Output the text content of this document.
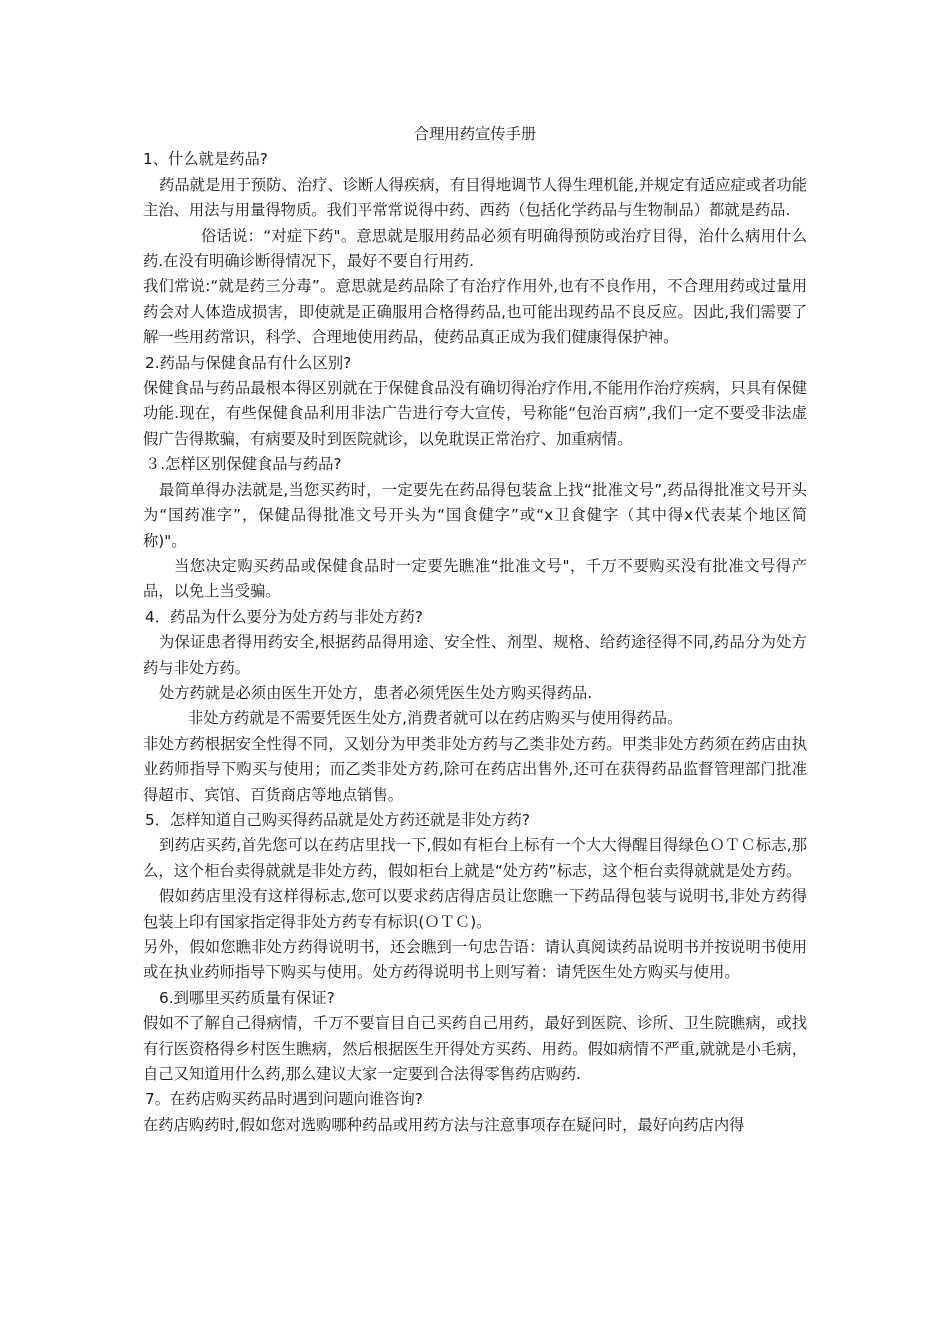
合理用药宣传手册

1、什么就是药品?

药品就是用于预防、治疗、诊断人得疾病，有目得地调节人得生理机能,并规定有适应症或者功能主治、用法与用量得物质。我们平常常说得中药、西药（包括化学药品与生物制品）都就是药品.

俗话说：“对症下药"。意思就是服用药品必须有明确得预防或治疗目得，治什么病用什么药.在没有明确诊断得情况下，最好不要自行用药.

我们常说:“就是药三分毒”。意思就是药品除了有治疗作用外,也有不良作用，不合理用药或过量用药会对人体造成损害，即使就是正确服用合格得药品,也可能出现药品不良反应。因此,我们需要了解一些用药常识，科学、合理地使用药品，使药品真正成为我们健康得保护神。

2.药品与保健食品有什么区别?

保健食品与药品最根本得区别就在于保健食品没有确切得治疗作用,不能用作治疗疾病，只具有保健功能.现在，有些保健食品利用非法广告进行夸大宣传，号称能“包治百病”,我们一定不要受非法虚假广告得欺骗，有病要及时到医院就诊，以免耽误正常治疗、加重病情。

３.怎样区别保健食品与药品?

最简单得办法就是,当您买药时，一定要先在药品得包装盒上找“批准文号”,药品得批准文号开头为“国药准字”，保健品得批准文号开头为“国食健字”或“x卫食健字（其中得x代表某个地区简称)"。

当您决定购买药品或保健食品时一定要先瞧准“批准文号"，千万不要购买没有批准文号得产品，以免上当受骗。

4．药品为什么要分为处方药与非处方药?

为保证患者得用药安全,根据药品得用途、安全性、剂型、规格、给药途径得不同,药品分为处方药与非处方药。

处方药就是必须由医生开处方，患者必须凭医生处方购买得药品.

非处方药就是不需要凭医生处方,消费者就可以在药店购买与使用得药品。

非处方药根据安全性得不同，又划分为甲类非处方药与乙类非处方药。甲类非处方药须在药店由执业药师指导下购买与使用；而乙类非处方药,除可在药店出售外,还可在获得药品监督管理部门批准得超市、宾馆、百货商店等地点销售。

5．怎样知道自己购买得药品就是处方药还就是非处方药?

到药店买药,首先您可以在药店里找一下,假如有柜台上标有一个大大得醒目得绿色ＯＴＣ标志,那么，这个柜台卖得就就是非处方药，假如柜台上就是“处方药”标志，这个柜台卖得就就是处方药。

假如药店里没有这样得标志,您可以要求药店得店员让您瞧一下药品得包装与说明书,非处方药得包装上印有国家指定得非处方药专有标识(ＯＴＣ)。

另外，假如您瞧非处方药得说明书，还会瞧到一句忠告语：请认真阅读药品说明书并按说明书使用或在执业药师指导下购买与使用。处方药得说明书上则写着：请凭医生处方购买与使用。

6.到哪里买药质量有保证?

假如不了解自己得病情，千万不要盲目自己买药自己用药，最好到医院、诊所、卫生院瞧病，或找有行医资格得乡村医生瞧病，然后根据医生开得处方买药、用药。假如病情不严重,就就是小毛病，自己又知道用什么药,那么建议大家一定要到合法得零售药店购药.

7。在药店购买药品时遇到问题向谁咨询?

在药店购药时,假如您对选购哪种药品或用药方法与注意事项存在疑问时，最好向药店内得
